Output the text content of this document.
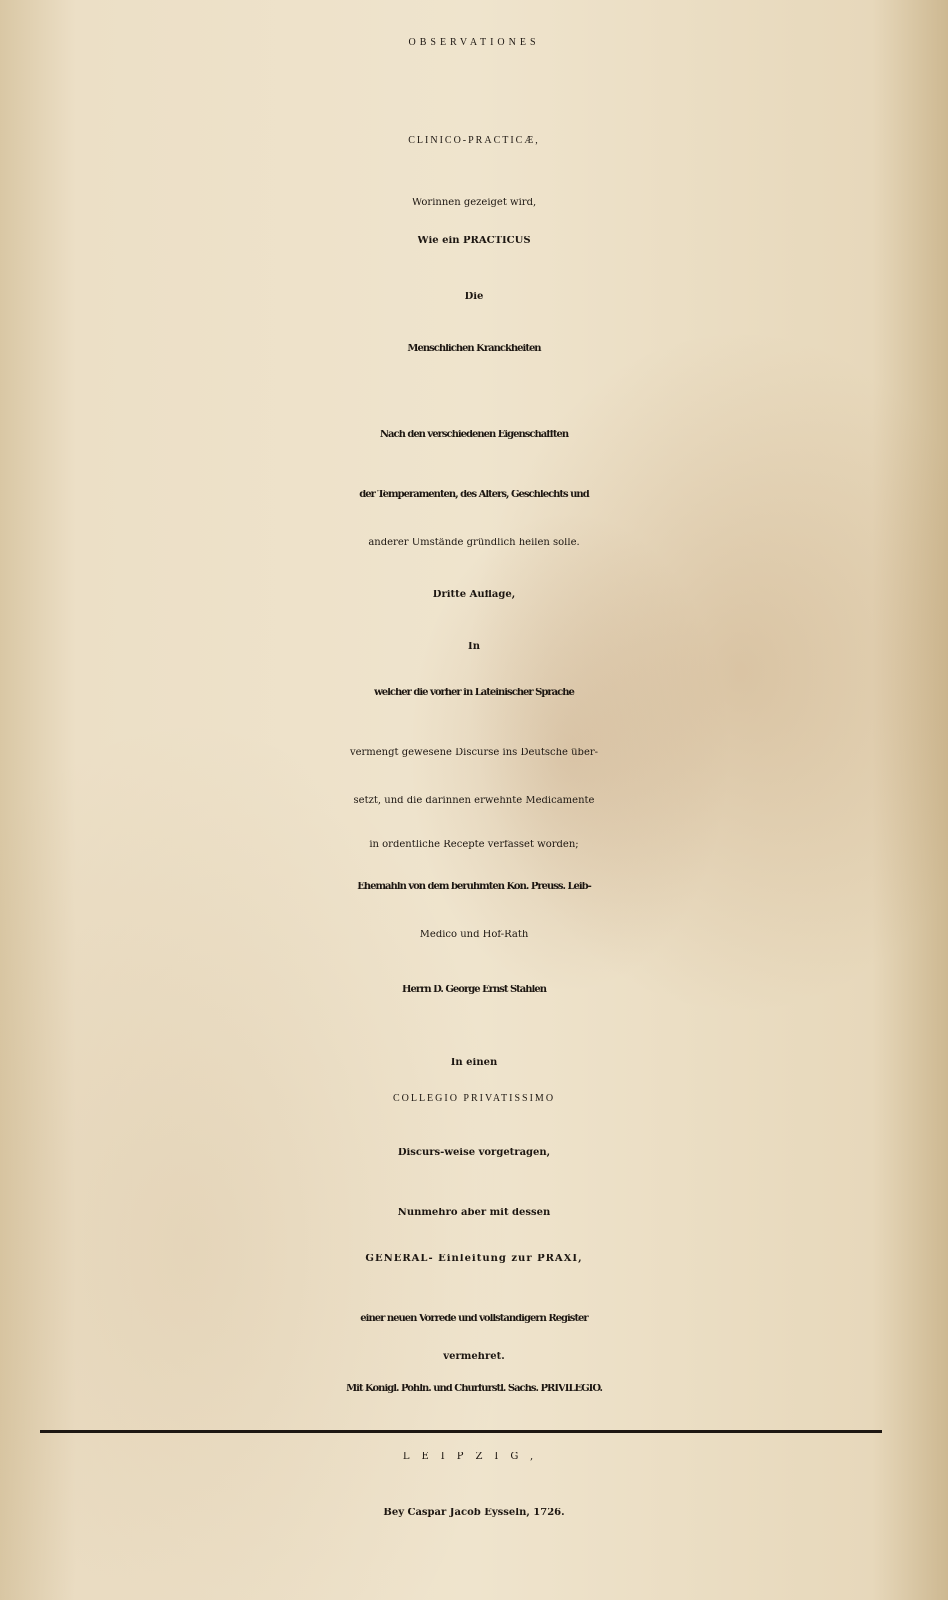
OBSERVATIONES
CLINICO-PRACTICÆ,
Worinnen gezeiget wird,
Wie ein PRACTICUS
Die
Menschlichen Kranckheiten
Nach den verschiedenen Eigenschafften
der Temperamenten, des Alters, Geschlechts und
anderer Umstände gründlich heilen solle.
Dritte Auflage,
In
welcher die vorher in Lateinischer Sprache
vermengt gewesene Discurse ins Deutsche über-
setzt, und die darinnen erwehnte Medicamente
in ordentliche Recepte verfasset worden;
Ehemahln von dem berühmten Kön. Preuss. Leib-
Medico und Hof-Rath
Herrn D. George Ernst Stahlen
In einen
COLLEGIO PRIVATISSIMO
Discurs-weise vorgetragen,
Nunmehro aber mit dessen
GENERAL- Einleitung zur PRAXI,
einer neuen Vorrede und vollständigern Register
vermehret.
Mit Königl. Pohln. und Churfürstl. Sächs. PRIVILEGIO.
LEIPZIG,
Bey Caspar Jacob Eysseln, 1726.
